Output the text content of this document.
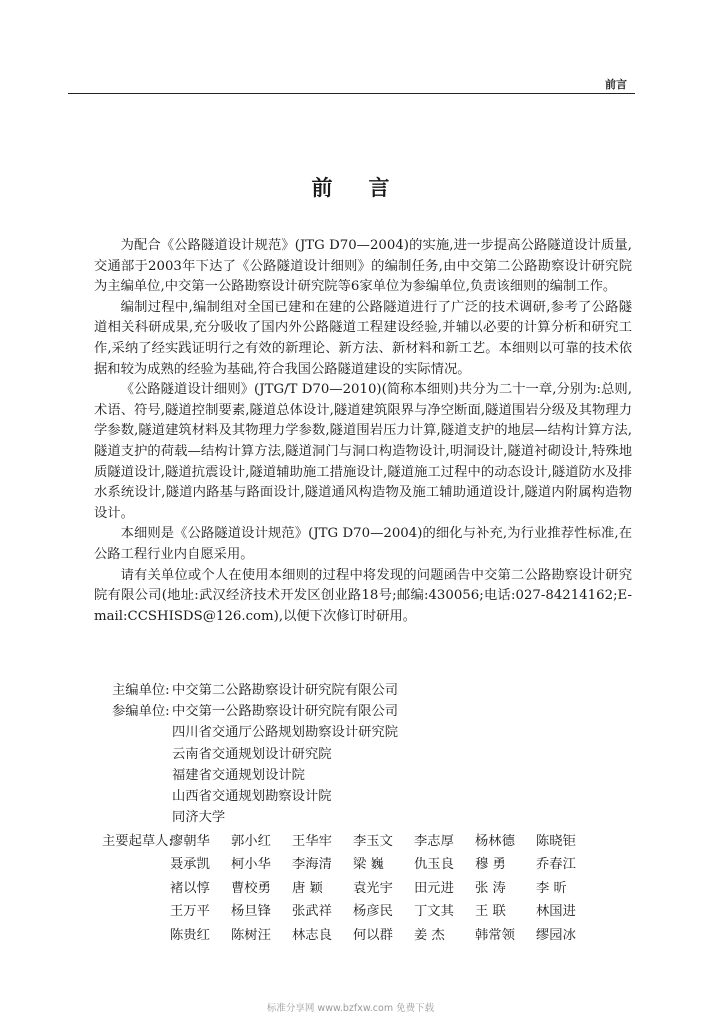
前言
前言

为配合《公路隧道设计规范》(JTG D70—2004)的实施,进一步提高公路隧道设计质量,交通部于2003年下达了《公路隧道设计细则》的编制任务,由中交第二公路勘察设计研究院为主编单位,中交第一公路勘察设计研究院等6家单位为参编单位,负责该细则的编制工作。

编制过程中,编制组对全国已建和在建的公路隧道进行了广泛的技术调研,参考了公路隧道相关科研成果,充分吸收了国内外公路隧道工程建设经验,并辅以必要的计算分析和研究工作,采纳了经实践证明行之有效的新理论、新方法、新材料和新工艺。本细则以可靠的技术依据和较为成熟的经验为基础,符合我国公路隧道建设的实际情况。

《公路隧道设计细则》(JTG/T D70—2010)(简称本细则)共分为二十一章,分别为:总则,术语、符号,隧道控制要素,隧道总体设计,隧道建筑限界与净空断面,隧道围岩分级及其物理力学参数,隧道建筑材料及其物理力学参数,隧道围岩压力计算,隧道支护的地层—结构计算方法,隧道支护的荷载—结构计算方法,隧道洞门与洞口构造物设计,明洞设计,隧道衬砌设计,特殊地质隧道设计,隧道抗震设计,隧道辅助施工措施设计,隧道施工过程中的动态设计,隧道防水及排水系统设计,隧道内路基与路面设计,隧道通风构造物及施工辅助通道设计,隧道内附属构造物设计。

本细则是《公路隧道设计规范》(JTG D70—2004)的细化与补充,为行业推荐性标准,在公路工程行业内自愿采用。

请有关单位或个人在使用本细则的过程中将发现的问题函告中交第二公路勘察设计研究院有限公司(地址:武汉经济技术开发区创业路18号;邮编:430056;电话:027-84214162;E-mail:CCSHISDS@126.com),以便下次修订时研用。

主编单位: 中交第二公路勘察设计研究院有限公司
参编单位: 中交第一公路勘察设计研究院有限公司
四川省交通厅公路规划勘察设计研究院
云南省交通规划设计研究院
福建省交通规划设计院
山西省交通规划勘察设计院
同济大学
主要起草人:
廖朝华	郭小红	王华牢	李玉文	李志厚	杨林德	陈晓钜
聂承凯	柯小华	李海清	梁 巍	仇玉良	穆 勇	乔春江
褚以惇	曹校勇	唐 颖	袁光宇	田元进	张 涛	李 昕
王万平	杨旦锋	张武祥	杨彦民	丁文其	王 联	林国进
陈贵红	陈树汪	林志良	何以群	姜 杰	韩常领	缪园冰
标准分享网 www.bzfxw.com 免费下载
